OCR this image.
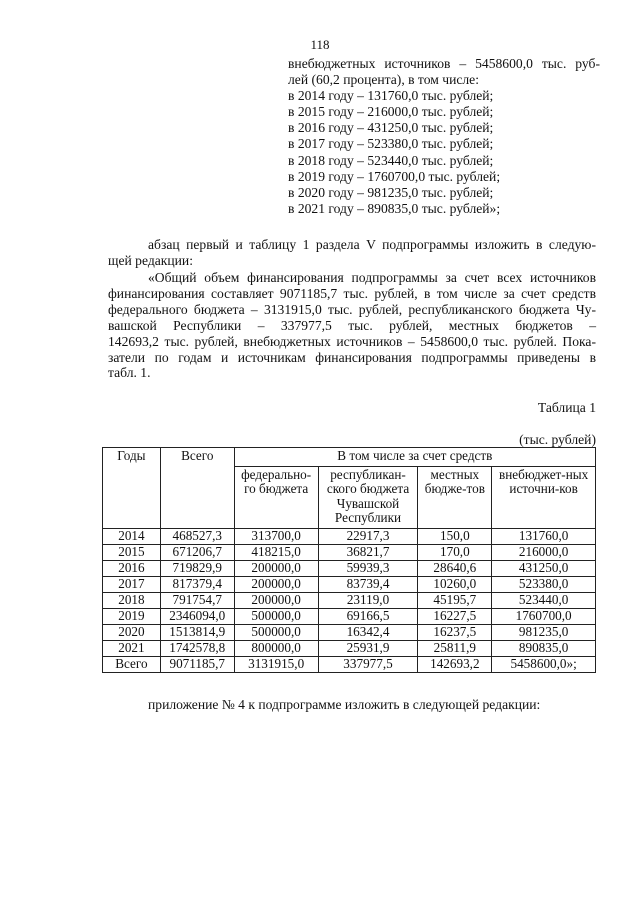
118
внебюджетных источников – 5458600,0 тыс. руб-
лей (60,2 процента), в том числе:
в 2014 году – 131760,0 тыс. рублей;
в 2015 году – 216000,0 тыс. рублей;
в 2016 году – 431250,0 тыс. рублей;
в 2017 году – 523380,0 тыс. рублей;
в 2018 году – 523440,0 тыс. рублей;
в 2019 году – 1760700,0 тыс. рублей;
в 2020 году – 981235,0 тыс. рублей;
в 2021 году – 890835,0 тыс. рублей»;
абзац первый и таблицу 1 раздела V подпрограммы изложить в следую-
щей редакции:
«Общий объем финансирования подпрограммы за счет всех источников
финансирования составляет 9071185,7 тыс. рублей, в том числе за счет средств
федерального бюджета – 3131915,0 тыс. рублей, республиканского бюджета Чу-
вашской Республики – 337977,5 тыс. рублей, местных бюджетов –
142693,2 тыс. рублей, внебюджетных источников – 5458600,0 тыс. рублей. Пока-
затели по годам и источникам финансирования подпрограммы приведены в
табл. 1.
Таблица 1
(тыс. рублей)
Годы	Всего	В том числе за счет средств			
		федерально-го бюджета	республикан-ского бюджета Чувашской Республики	местных бюдже-тов	внебюджет-ных источни-ков
2014	468527,3	313700,0	22917,3	150,0	131760,0
2015	671206,7	418215,0	36821,7	170,0	216000,0
2016	719829,9	200000,0	59939,3	28640,6	431250,0
2017	817379,4	200000,0	83739,4	10260,0	523380,0
2018	791754,7	200000,0	23119,0	45195,7	523440,0
2019	2346094,0	500000,0	69166,5	16227,5	1760700,0
2020	1513814,9	500000,0	16342,4	16237,5	981235,0
2021	1742578,8	800000,0	25931,9	25811,9	890835,0
Всего	9071185,7	3131915,0	337977,5	142693,2	5458600,0»;
приложение № 4 к подпрограмме изложить в следующей редакции:
